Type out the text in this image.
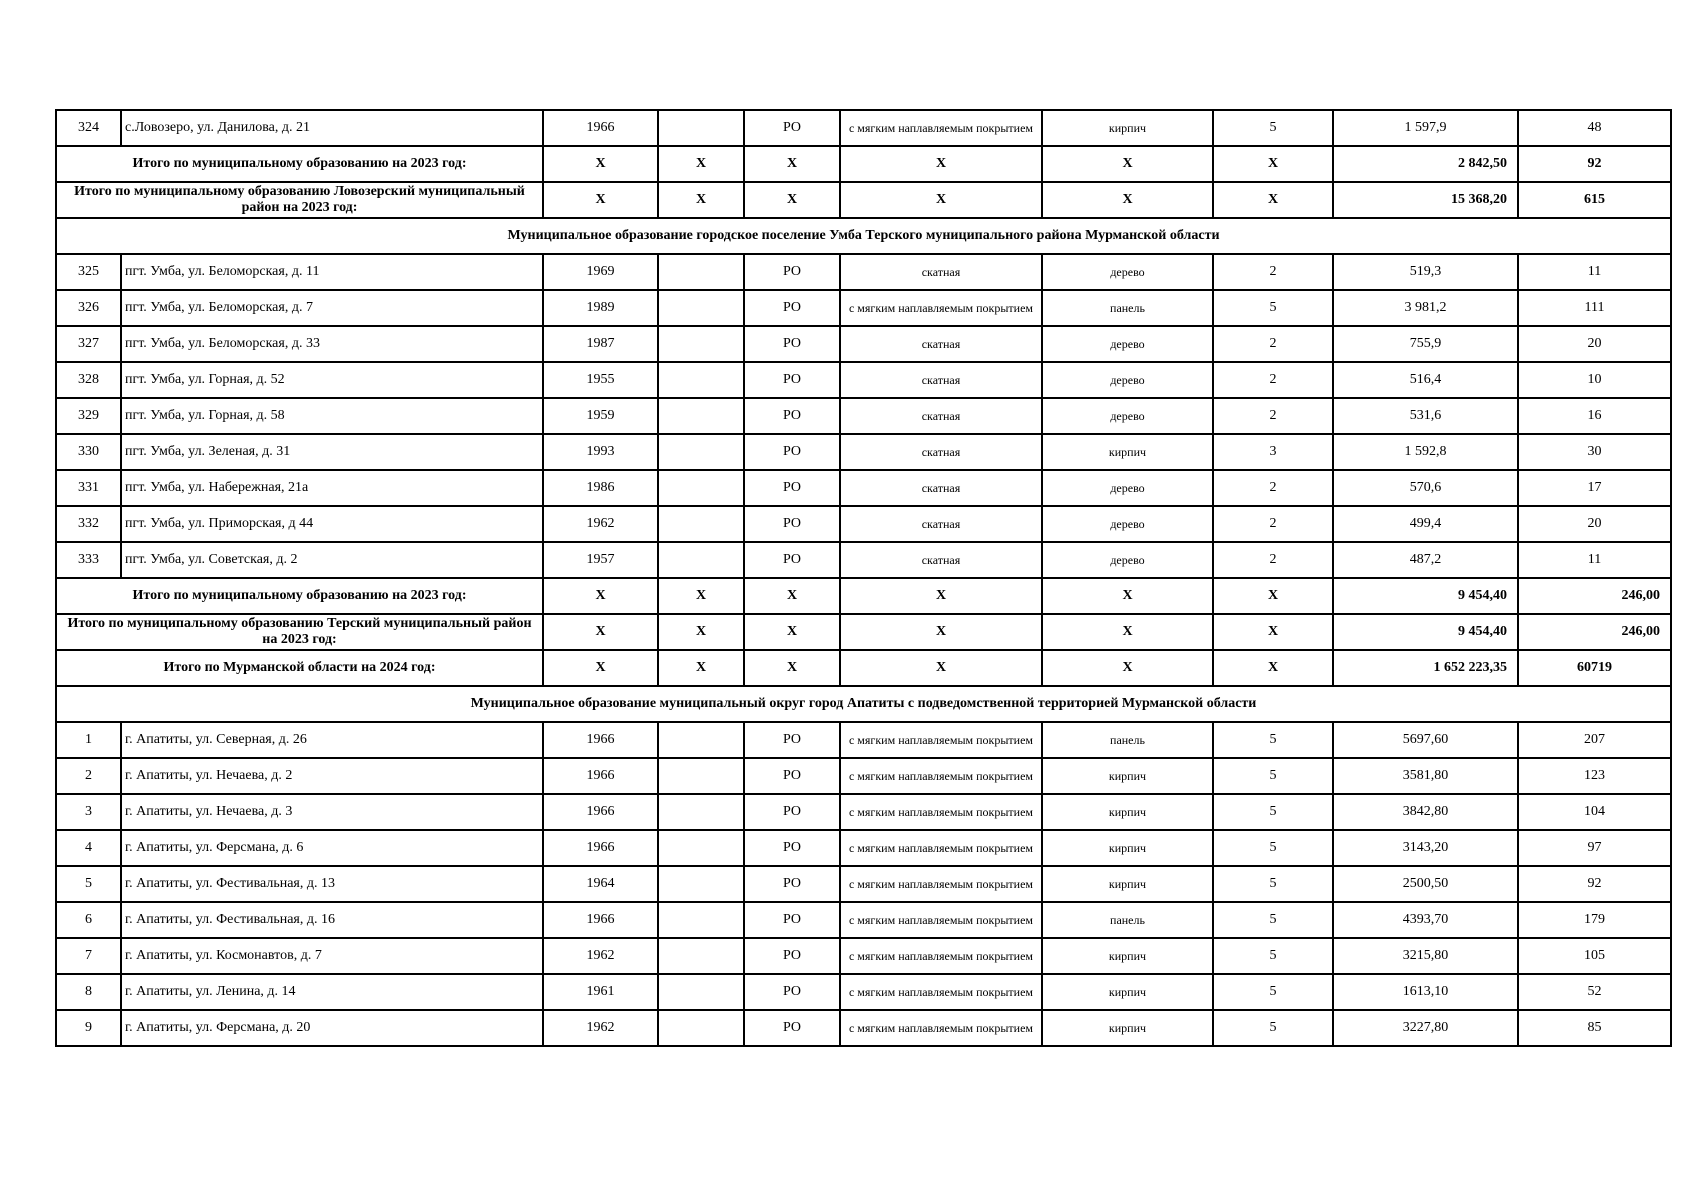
324	с.Ловозеро, ул. Данилова, д. 21	1966		РО	с мягким наплавляемым покрытием	кирпич	5	1 597,9	48
Итого по муниципальному образованию на 2023 год:		X	X	X	X	X	X	2 842,50	92
Итого по муниципальному образованию Ловозерский муниципальный район на 2023 год:		X	X	X	X	X	X	15 368,20	615
Муниципальное образование городское поселение Умба Терского муниципального района Мурманской области									
325	пгт. Умба, ул. Беломорская, д. 11	1969		РО	скатная	дерево	2	519,3	11
326	пгт. Умба, ул. Беломорская, д. 7	1989		РО	с мягким наплавляемым покрытием	панель	5	3 981,2	111
327	пгт. Умба, ул. Беломорская, д. 33	1987		РО	скатная	дерево	2	755,9	20
328	пгт. Умба, ул. Горная, д. 52	1955		РО	скатная	дерево	2	516,4	10
329	пгт. Умба, ул. Горная, д. 58	1959		РО	скатная	дерево	2	531,6	16
330	пгт. Умба, ул. Зеленая, д. 31	1993		РО	скатная	кирпич	3	1 592,8	30
331	пгт. Умба, ул. Набережная, 21а	1986		РО	скатная	дерево	2	570,6	17
332	пгт. Умба, ул. Приморская, д 44	1962		РО	скатная	дерево	2	499,4	20
333	пгт. Умба, ул. Советская, д. 2	1957		РО	скатная	дерево	2	487,2	11
Итого по муниципальному образованию на 2023 год:		X	X	X	X	X	X	9 454,40	246,00
Итого по муниципальному образованию Терский муниципальный район на 2023 год:		X	X	X	X	X	X	9 454,40	246,00
Итого по Мурманской области на 2024 год:		X	X	X	X	X	X	1 652 223,35	60719
Муниципальное образование муниципальный округ город Апатиты с подведомственной территорией Мурманской области									
1	г. Апатиты, ул. Северная, д. 26	1966		РО	с мягким наплавляемым покрытием	панель	5	5697,60	207
2	г. Апатиты, ул. Нечаева, д. 2	1966		РО	с мягким наплавляемым покрытием	кирпич	5	3581,80	123
3	г. Апатиты, ул. Нечаева, д. 3	1966		РО	с мягким наплавляемым покрытием	кирпич	5	3842,80	104
4	г. Апатиты, ул. Ферсмана, д. 6	1966		РО	с мягким наплавляемым покрытием	кирпич	5	3143,20	97
5	г. Апатиты, ул. Фестивальная, д. 13	1964		РО	с мягким наплавляемым покрытием	кирпич	5	2500,50	92
6	г. Апатиты, ул. Фестивальная, д. 16	1966		РО	с мягким наплавляемым покрытием	панель	5	4393,70	179
7	г. Апатиты, ул. Космонавтов, д. 7	1962		РО	с мягким наплавляемым покрытием	кирпич	5	3215,80	105
8	г. Апатиты, ул. Ленина, д. 14	1961		РО	с мягким наплавляемым покрытием	кирпич	5	1613,10	52
9	г. Апатиты, ул. Ферсмана, д. 20	1962		РО	с мягким наплавляемым покрытием	кирпич	5	3227,80	85
